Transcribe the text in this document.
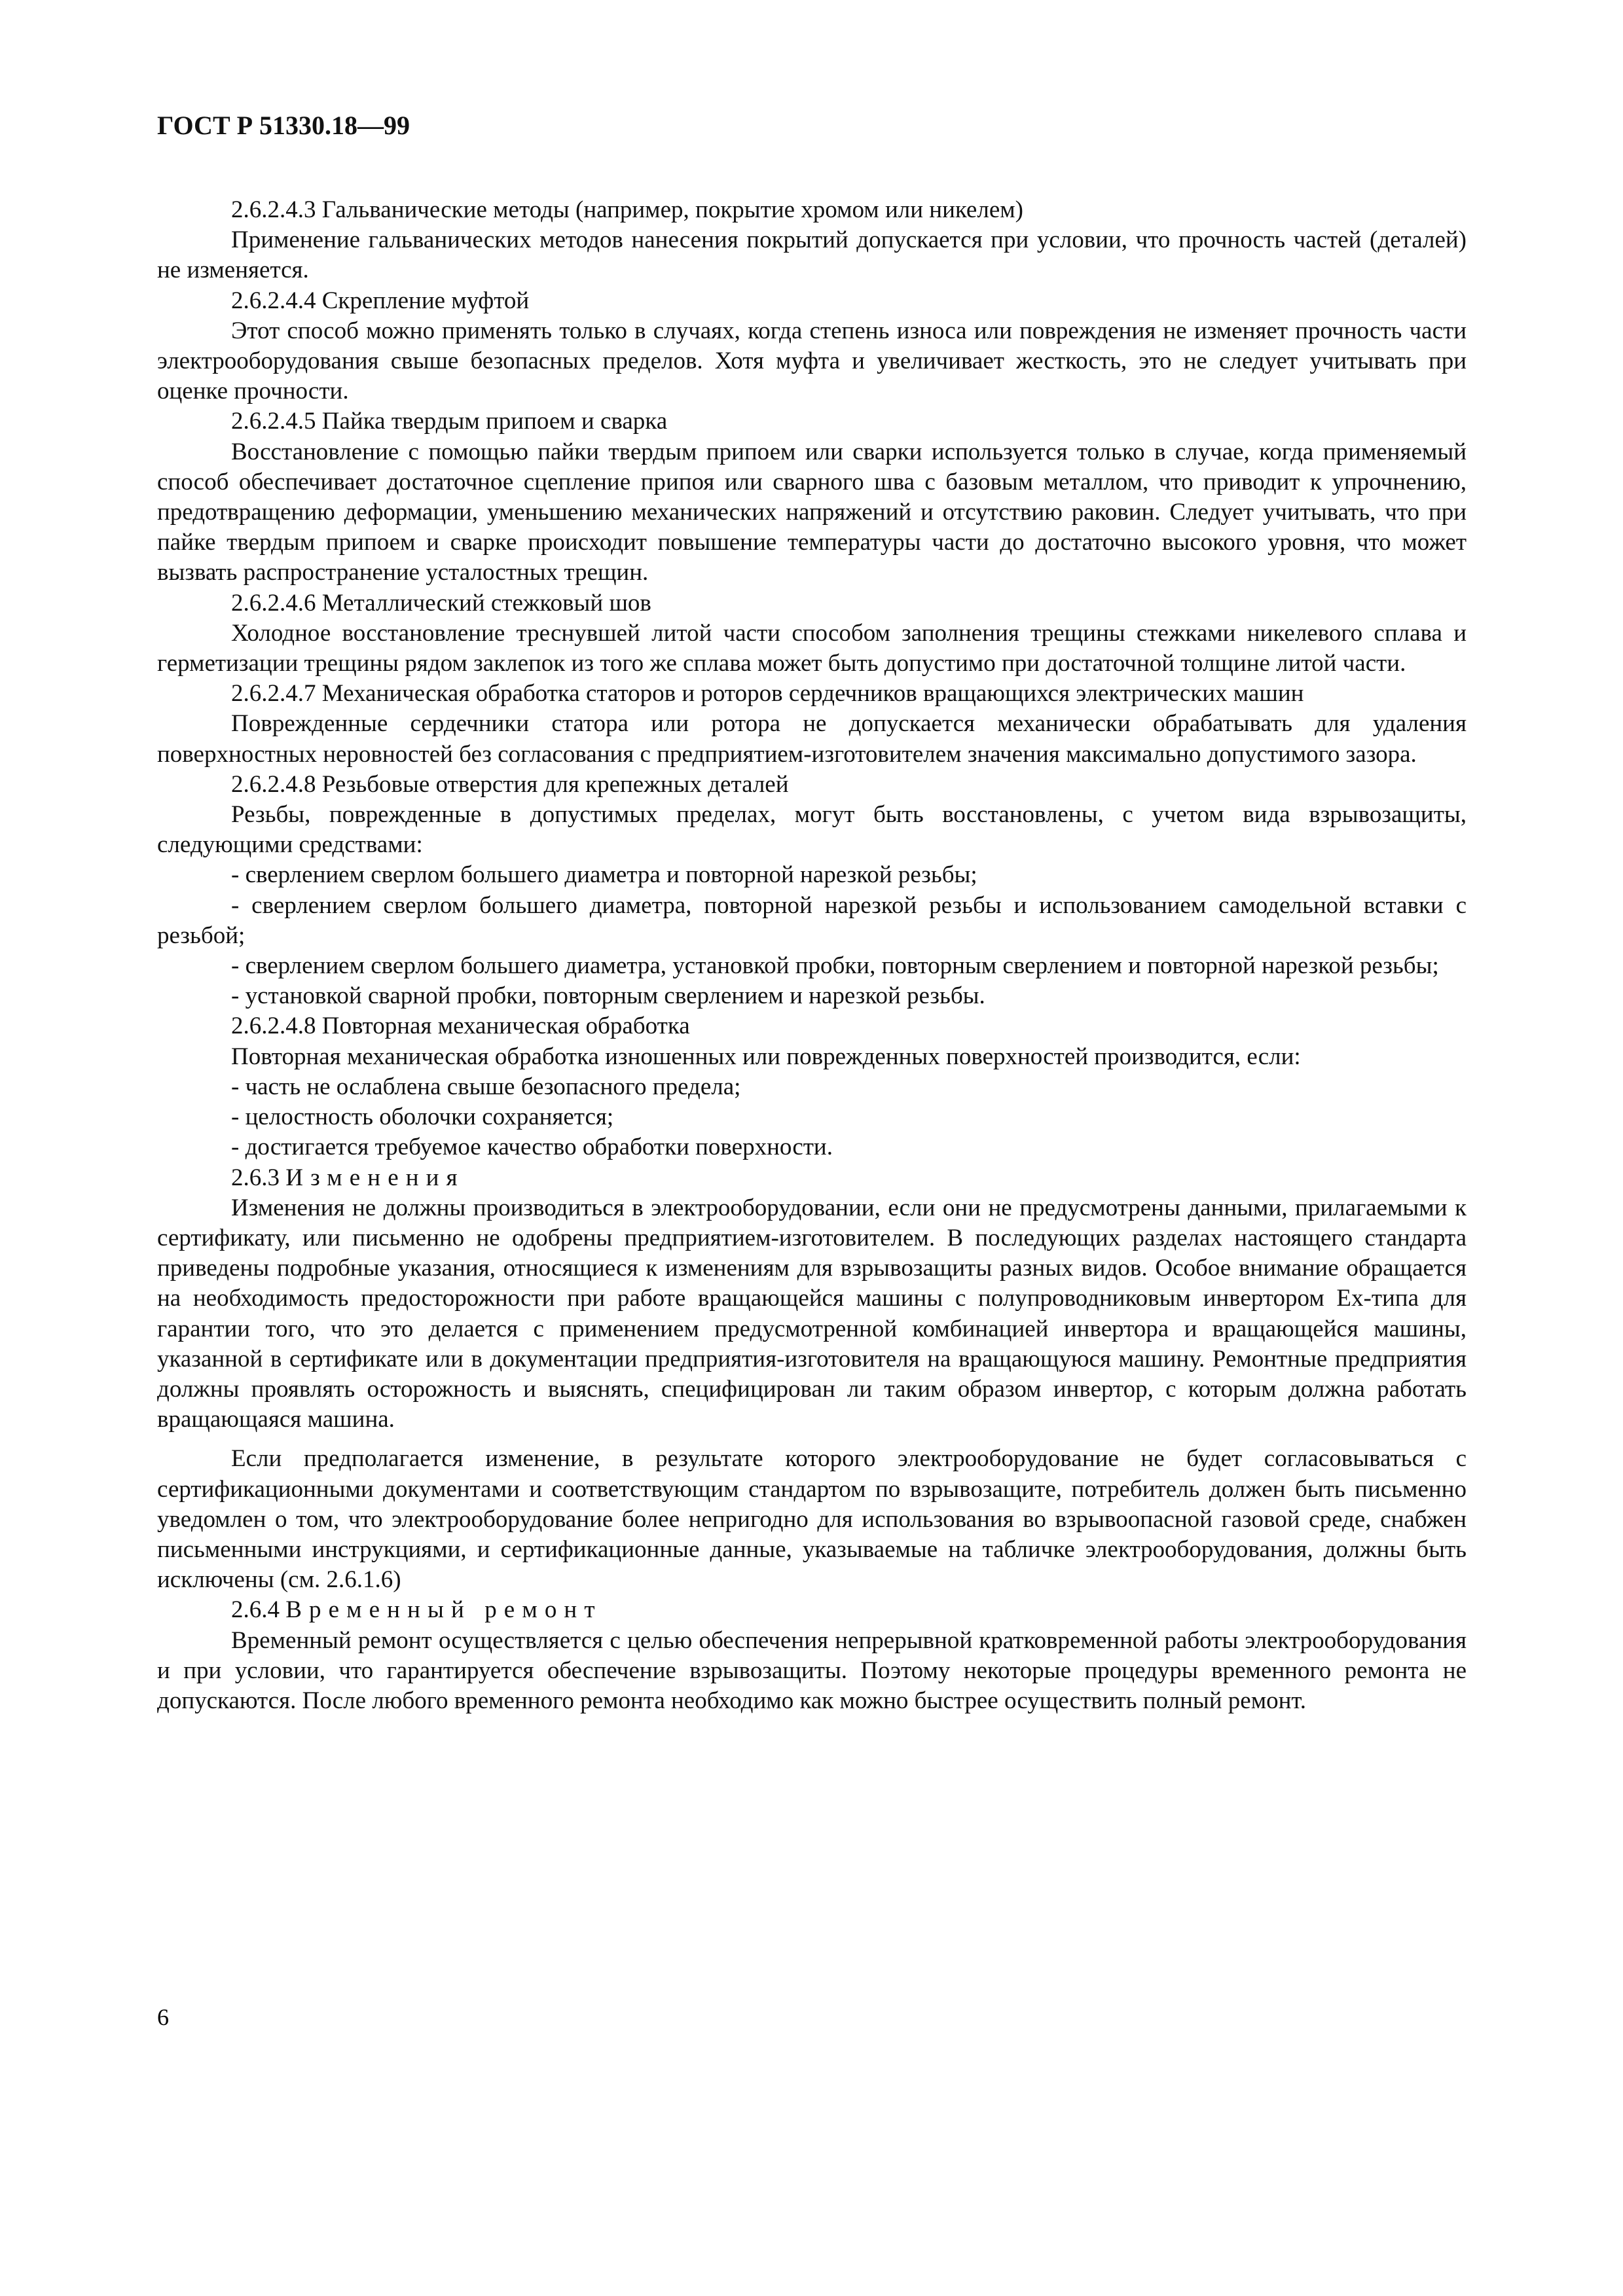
ГОСТ Р 51330.18—99

2.6.2.4.3 Гальванические методы (например, покрытие хромом или никелем)

Применение гальванических методов нанесения покрытий допускается при условии, что прочность частей (деталей) не изменяется.

2.6.2.4.4 Скрепление муфтой

Этот способ можно применять только в случаях, когда степень износа или повреждения не изменяет прочность части электрооборудования свыше безопасных пределов. Хотя муфта и увеличивает жесткость, это не следует учитывать при оценке прочности.

2.6.2.4.5 Пайка твердым припоем и сварка

Восстановление с помощью пайки твердым припоем или сварки используется только в случае, когда применяемый способ обеспечивает достаточное сцепление припоя или сварного шва с базовым металлом, что приводит к упрочнению, предотвращению деформации, уменьшению механических напряжений и отсутствию раковин. Следует учитывать, что при пайке твердым припоем и сварке происходит повышение температуры части до достаточно высокого уровня, что может вызвать распространение усталостных трещин.

2.6.2.4.6 Металлический стежковый шов

Холодное восстановление треснувшей литой части способом заполнения трещины стежками никелевого сплава и герметизации трещины рядом заклепок из того же сплава может быть допустимо при достаточной толщине литой части.

2.6.2.4.7 Механическая обработка статоров и роторов сердечников вращающихся электрических машин

Поврежденные сердечники статора или ротора не допускается механически обрабатывать для удаления поверхностных неровностей без согласования с предприятием-изготовителем значения максимально допустимого зазора.

2.6.2.4.8 Резьбовые отверстия для крепежных деталей

Резьбы, поврежденные в допустимых пределах, могут быть восстановлены, с учетом вида взрывозащиты, следующими средствами:

- сверлением сверлом большего диаметра и повторной нарезкой резьбы;

- сверлением сверлом большего диаметра, повторной нарезкой резьбы и использованием самодельной вставки с резьбой;

- сверлением сверлом большего диаметра, установкой пробки, повторным сверлением и повторной нарезкой резьбы;

- установкой сварной пробки, повторным сверлением и нарезкой резьбы.

2.6.2.4.8 Повторная механическая обработка

Повторная механическая обработка изношенных или поврежденных поверхностей производится, если:

- часть не ослаблена свыше безопасного предела;

- целостность оболочки сохраняется;

- достигается требуемое качество обработки поверхности.

2.6.3 Изменения

Изменения не должны производиться в электрооборудовании, если они не предусмотрены данными, прилагаемыми к сертификату, или письменно не одобрены предприятием-изготовителем. В последующих разделах настоящего стандарта приведены подробные указания, относящиеся к изменениям для взрывозащиты разных видов. Особое внимание обращается на необходимость предосторожности при работе вращающейся машины с полупроводниковым инвертором Ех-типа для гарантии того, что это делается с применением предусмотренной комбинацией инвертора и вращающейся машины, указанной в сертификате или в документации предприятия-изготовителя на вращающуюся машину. Ремонтные предприятия должны проявлять осторожность и выяснять, специфицирован ли таким образом инвертор, с которым должна работать вращающаяся машина.

Если предполагается изменение, в результате которого электрооборудование не будет согласовываться с сертификационными документами и соответствующим стандартом по взрывозащите, потребитель должен быть письменно уведомлен о том, что электрооборудование более непригодно для использования во взрывоопасной газовой среде, снабжен письменными инструкциями, и сертификационные данные, указываемые на табличке электрооборудования, должны быть исключены (см. 2.6.1.6)

2.6.4 Временный ремонт

Временный ремонт осуществляется с целью обеспечения непрерывной кратковременной работы электрооборудования и при условии, что гарантируется обеспечение взрывозащиты. Поэтому некоторые процедуры временного ремонта не допускаются. После любого временного ремонта необходимо как можно быстрее осуществить полный ремонт.

6
